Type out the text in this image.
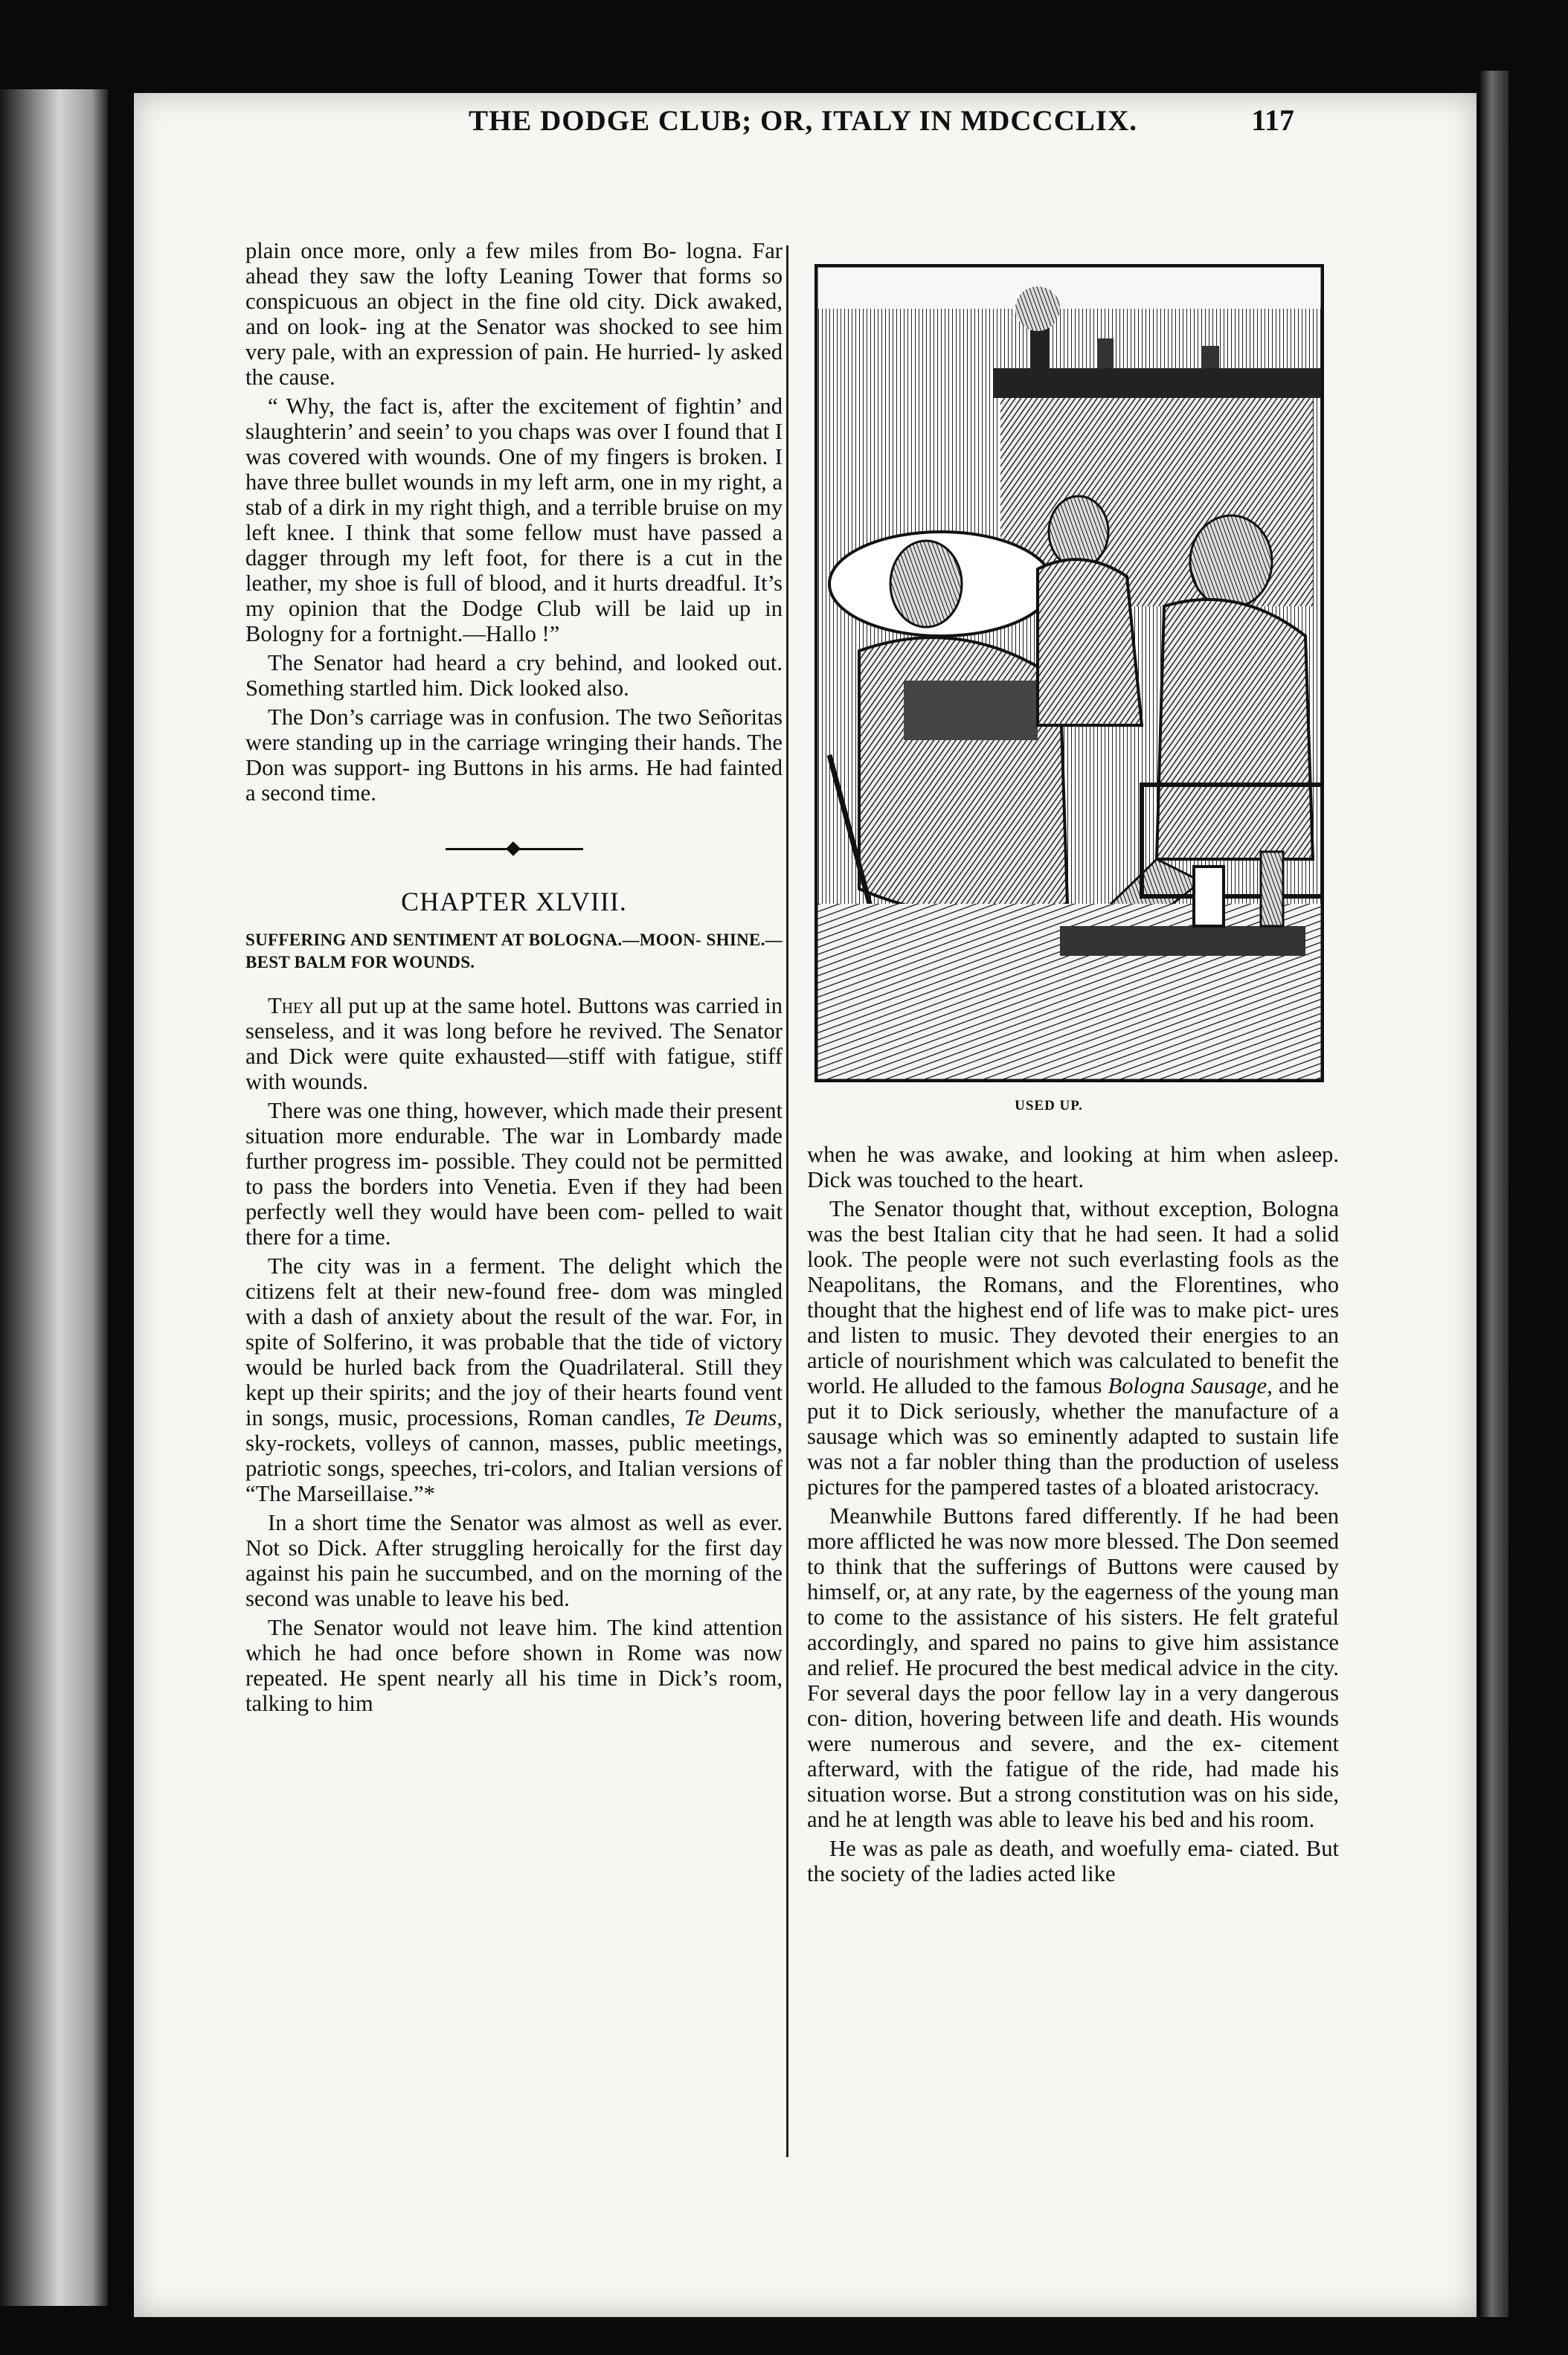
THE DODGE CLUB; OR, ITALY IN MDCCCLIX.	117

plain once more, only a few miles from Bo- logna. Far ahead they saw the lofty Leaning Tower that forms so conspicuous an object in the fine old city. Dick awaked, and on look- ing at the Senator was shocked to see him very pale, with an expression of pain. He hurried- ly asked the cause.

“ Why, the fact is, after the excitement of fightin’ and slaughterin’ and seein’ to you chaps was over I found that I was covered with wounds. One of my fingers is broken. I have three bullet wounds in my left arm, one in my right, a stab of a dirk in my right thigh, and a terrible bruise on my left knee. I think that some fellow must have passed a dagger through my left foot, for there is a cut in the leather, my shoe is full of blood, and it hurts dreadful. It’s my opinion that the Dodge Club will be laid up in Bologny for a fortnight.—Hallo !”

The Senator had heard a cry behind, and looked out. Something startled him. Dick looked also.

The Don’s carriage was in confusion. The two Señoritas were standing up in the carriage wringing their hands. The Don was support- ing Buttons in his arms. He had fainted a second time.

CHAPTER XLVIII.
SUFFERING AND SENTIMENT AT BOLOGNA.—MOON- SHINE.—BEST BALM FOR WOUNDS.

They all put up at the same hotel. Buttons was carried in senseless, and it was long before he revived. The Senator and Dick were quite exhausted—stiff with fatigue, stiff with wounds.

There was one thing, however, which made their present situation more endurable. The war in Lombardy made further progress im- possible. They could not be permitted to pass the borders into Venetia. Even if they had been perfectly well they would have been com- pelled to wait there for a time.

The city was in a ferment. The delight which the citizens felt at their new-found free- dom was mingled with a dash of anxiety about the result of the war. For, in spite of Solferino, it was probable that the tide of victory would be hurled back from the Quadrilateral. Still they kept up their spirits; and the joy of their hearts found vent in songs, music, processions, Roman candles, Te Deums, sky-rockets, volleys of cannon, masses, public meetings, patriotic songs, speeches, tri-colors, and Italian versions of “The Marseillaise.”*

In a short time the Senator was almost as well as ever. Not so Dick. After struggling heroically for the first day against his pain he succumbed, and on the morning of the second was unable to leave his bed.

The Senator would not leave him. The kind attention which he had once before shown in Rome was now repeated. He spent nearly all his time in Dick’s room, talking to him

USED UP.

when he was awake, and looking at him when asleep. Dick was touched to the heart.

The Senator thought that, without exception, Bologna was the best Italian city that he had seen. It had a solid look. The people were not such everlasting fools as the Neapolitans, the Romans, and the Florentines, who thought that the highest end of life was to make pict- ures and listen to music. They devoted their energies to an article of nourishment which was calculated to benefit the world. He alluded to the famous Bologna Sausage, and he put it to Dick seriously, whether the manufacture of a sausage which was so eminently adapted to sustain life was not a far nobler thing than the production of useless pictures for the pampered tastes of a bloated aristocracy.

Meanwhile Buttons fared differently. If he had been more afflicted he was now more blessed. The Don seemed to think that the sufferings of Buttons were caused by himself, or, at any rate, by the eagerness of the young man to come to the assistance of his sisters. He felt grateful accordingly, and spared no pains to give him assistance and relief. He procured the best medical advice in the city. For several days the poor fellow lay in a very dangerous con- dition, hovering between life and death. His wounds were numerous and severe, and the ex- citement afterward, with the fatigue of the ride, had made his situation worse. But a strong constitution was on his side, and he at length was able to leave his bed and his room.

He was as pale as death, and woefully ema- ciated. But the society of the ladies acted like
